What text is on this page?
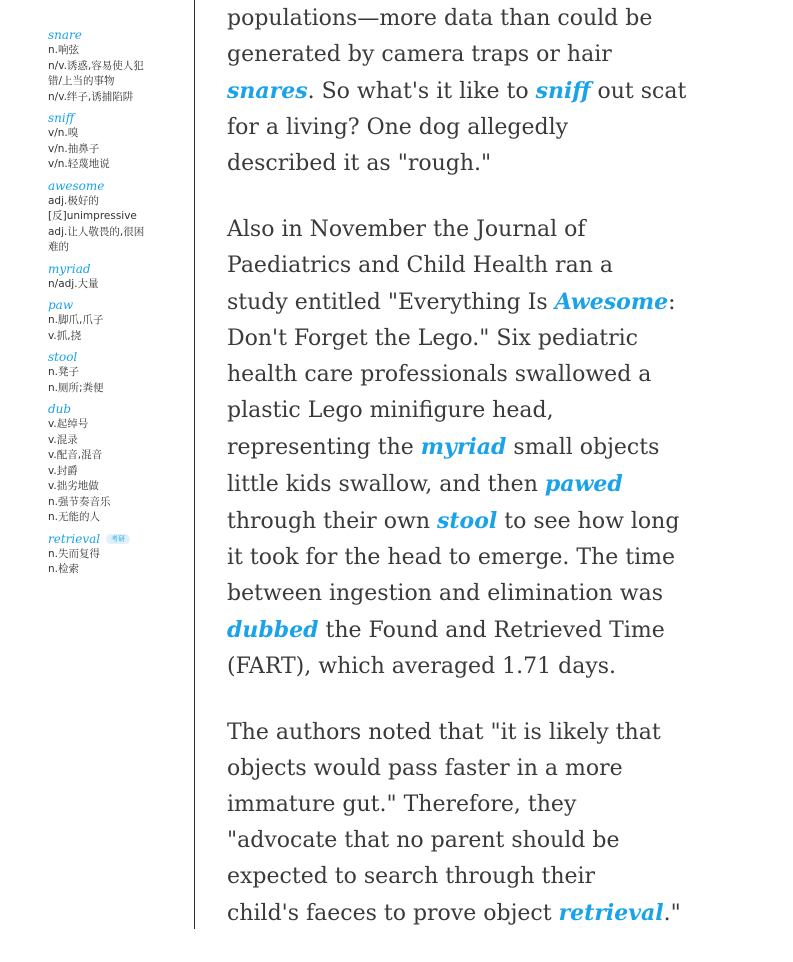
snare
n.响弦
n/v.诱惑,容易使人犯
错/上当的事物
n/v.绊子,诱捕陷阱
sniff
v/n.嗅
v/n.抽鼻子
v/n.轻蔑地说
awesome
adj.极好的
[反]unimpressive
adj.让人敬畏的,很困
难的
myriad
n/adj.大量
paw
n.脚爪,爪子
v.抓,挠
stool
n.凳子
n.厕所;粪便
dub
v.起绰号
v.混录
v.配音,混音
v.封爵
v.拙劣地做
n.强节奏音乐
n.无能的人
retrieval	考研
n.失而复得
n.检索

populations—more data than could be
generated by camera traps or hair
snares. So what's it like to sniff out scat
for a living? One dog allegedly
described it as "rough."

Also in November the Journal of
Paediatrics and Child Health ran a
study entitled "Everything Is Awesome:
Don't Forget the Lego." Six pediatric
health care professionals swallowed a
plastic Lego minifigure head,
representing the myriad small objects
little kids swallow, and then pawed
through their own stool to see how long
it took for the head to emerge. The time
between ingestion and elimination was
dubbed the Found and Retrieved Time
(FART), which averaged 1.71 days.

The authors noted that "it is likely that
objects would pass faster in a more
immature gut." Therefore, they
"advocate that no parent should be
expected to search through their
child's faeces to prove object retrieval."
